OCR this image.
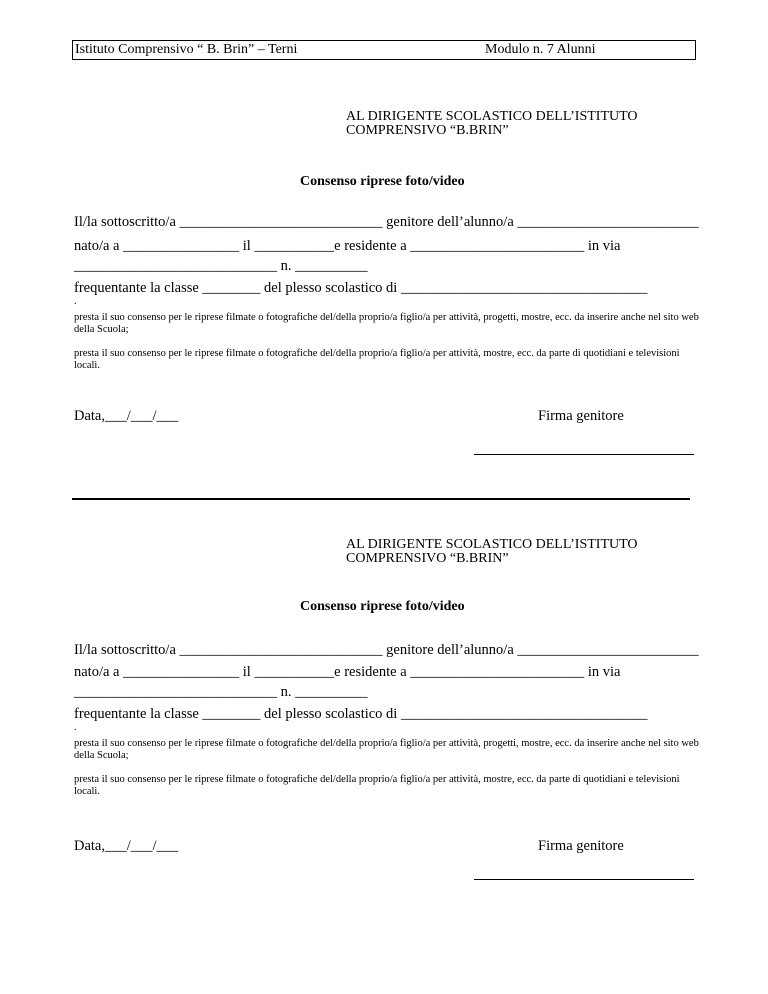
Istituto Comprensivo “ B. Brin” – Terni	Modulo n. 7 Alunni
AL DIRIGENTE SCOLASTICO DELL’ISTITUTO
COMPRENSIVO “B.BRIN”
Consenso riprese foto/video
Il/la sottoscritto/a ____________________________ genitore dell’alunno/a _________________________
nato/a a ________________ il ___________e residente a ________________________ in via
____________________________ n. __________
frequentante la classe ________ del plesso scolastico di __________________________________
.
presta il suo consenso per le riprese filmate o fotografiche del/della proprio/a figlio/a per attività, progetti, mostre, ecc. da inserire anche nel sito web della Scuola;
presta il suo consenso per le riprese filmate o fotografiche del/della proprio/a figlio/a per attività, mostre, ecc. da parte di quotidiani e televisioni locali.
Data,___/___/___	Firma genitore
AL DIRIGENTE SCOLASTICO DELL’ISTITUTO
COMPRENSIVO “B.BRIN”
Consenso riprese foto/video
Il/la sottoscritto/a ____________________________ genitore dell’alunno/a _________________________
nato/a a ________________ il ___________e residente a ________________________ in via
____________________________ n. __________
frequentante la classe ________ del plesso scolastico di __________________________________
.
presta il suo consenso per le riprese filmate o fotografiche del/della proprio/a figlio/a per attività, progetti, mostre, ecc. da inserire anche nel sito web della Scuola;
presta il suo consenso per le riprese filmate o fotografiche del/della proprio/a figlio/a per attività, mostre, ecc. da parte di quotidiani e televisioni locali.
Data,___/___/___	Firma genitore
